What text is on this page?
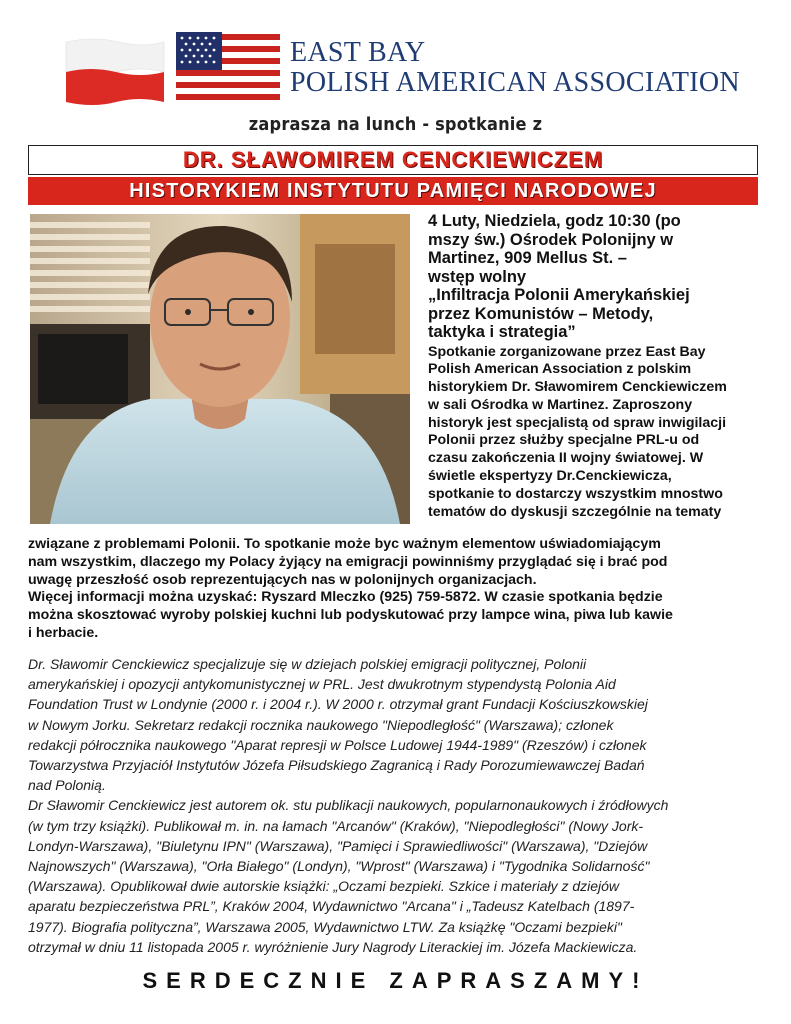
EAST BAY
POLISH AMERICAN ASSOCIATION
zaprasza na lunch - spotkanie z
DR. SŁAWOMIREM CENCKIEWICZEM
HISTORYKIEM INSTYTUTU PAMIĘCI NARODOWEJ
4 Luty, Niedziela, godz 10:30 (po
mszy św.) Ośrodek Polonijny w
Martinez, 909 Mellus St. –
wstęp wolny
„Infiltracja Polonii Amerykańskiej
przez Komunistów – Metody,
taktyka i strategia”
Spotkanie zorganizowane przez East Bay
Polish American Association z polskim
historykiem Dr. Sławomirem Cenckiewiczem
w sali Ośrodka w Martinez. Zaproszony
historyk jest specjalistą od spraw inwigilacji
Polonii przez służby specjalne PRL-u od
czasu zakończenia II wojny światowej. W
świetle ekspertyzy Dr.Cenckiewicza,
spotkanie to dostarczy wszystkim mnostwo
tematów do dyskusji szczególnie na tematy
związane z problemami Polonii. To spotkanie może byc ważnym elementow uświadomiającym
nam wszystkim, dlaczego my Polacy żyjący na emigracji powinniśmy przyglądać się i brać pod
uwagę przeszłość osob reprezentujących nas w polonijnych organizacjach.
Więcej informacji można uzyskać: Ryszard Mleczko (925) 759-5872. W czasie spotkania będzie
można skosztować wyroby polskiej kuchni lub podyskutować przy lampce wina, piwa lub kawie
i herbacie.
Dr. Sławomir Cenckiewicz specjalizuje się w dziejach polskiej emigracji politycznej, Polonii
amerykańskiej i opozycji antykomunistycznej w PRL. Jest dwukrotnym stypendystą Polonia Aid
Foundation Trust w Londynie (2000 r. i 2004 r.). W 2000 r. otrzymał grant Fundacji Kościuszkowskiej
w Nowym Jorku. Sekretarz redakcji rocznika naukowego "Niepodległość" (Warszawa); członek
redakcji półrocznika naukowego "Aparat represji w Polsce Ludowej 1944-1989" (Rzeszów) i członek
Towarzystwa Przyjaciół Instytutów Józefa Piłsudskiego Zagranicą i Rady Porozumiewawczej Badań
nad Polonią.
Dr Sławomir Cenckiewicz jest autorem ok. stu publikacji naukowych, popularnonaukowych i źródłowych
(w tym trzy książki). Publikował m. in. na łamach "Arcanów" (Kraków), "Niepodległości" (Nowy Jork-
Londyn-Warszawa), "Biuletynu IPN" (Warszawa), "Pamięci i Sprawiedliwości" (Warszawa), "Dziejów
Najnowszych" (Warszawa), "Orła Białego" (Londyn), "Wprost" (Warszawa) i "Tygodnika Solidarność"
(Warszawa). Opublikował dwie autorskie książki: „Oczami bezpieki. Szkice i materiały z dziejów
aparatu bezpieczeństwa PRL”, Kraków 2004, Wydawnictwo "Arcana" i „Tadeusz Katelbach (1897-
1977). Biografia polityczna”, Warszawa 2005, Wydawnictwo LTW. Za książkę "Oczami bezpieki"
otrzymał w dniu 11 listopada 2005 r. wyróżnienie Jury Nagrody Literackiej im. Józefa Mackiewicza.
SERDECZNIE ZAPRASZAMY!
